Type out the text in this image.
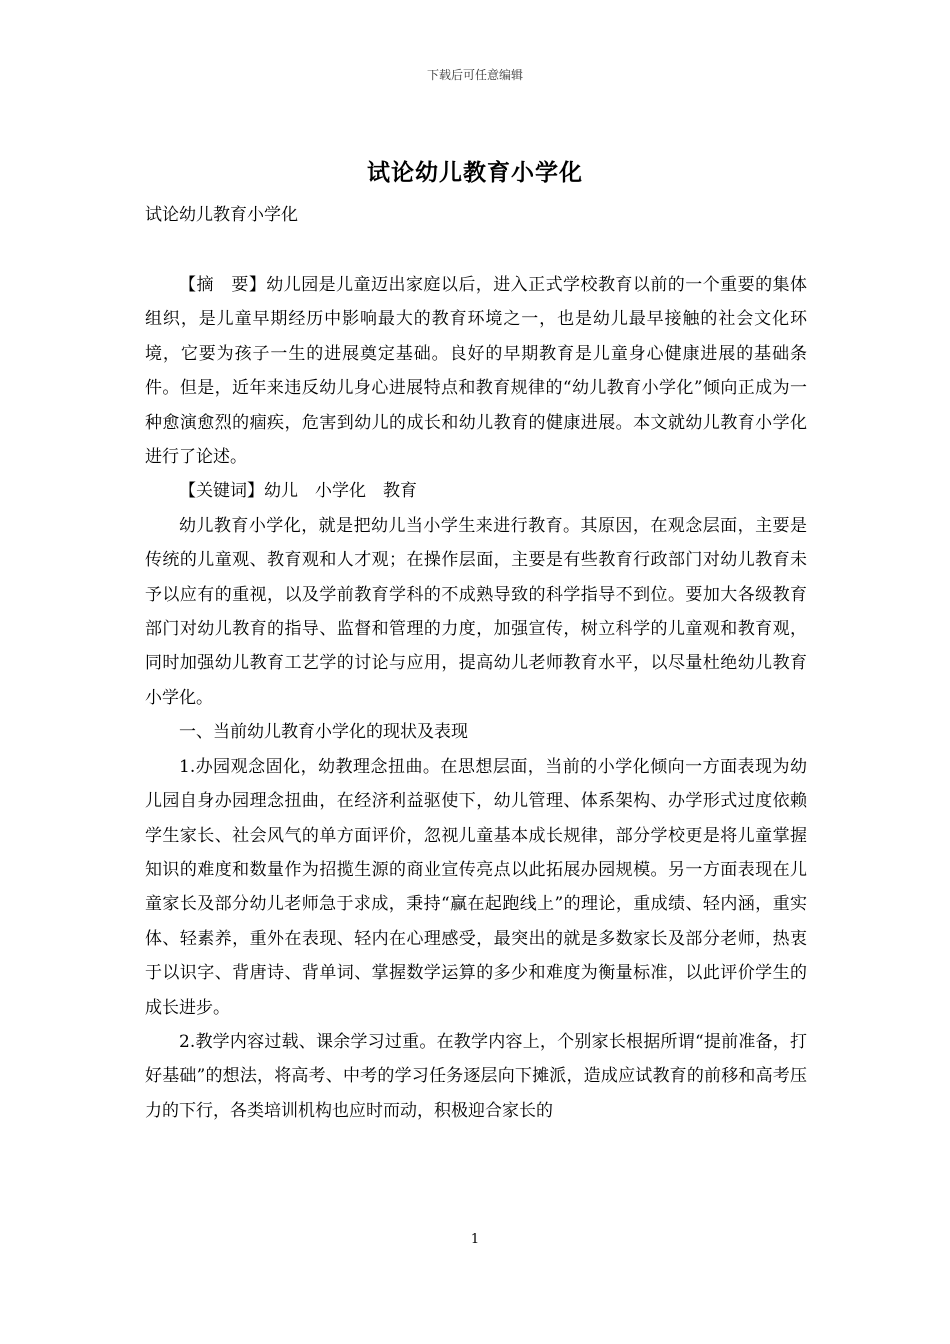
下载后可任意编辑
试论幼儿教育小学化
试论幼儿教育小学化

【摘　要】幼儿园是儿童迈出家庭以后，进入正式学校教育以前的一个重要的集体组织，是儿童早期经历中影响最大的教育环境之一，也是幼儿最早接触的社会文化环境，它要为孩子一生的进展奠定基础。良好的早期教育是儿童身心健康进展的基础条件。但是，近年来违反幼儿身心进展特点和教育规律的“幼儿教育小学化”倾向正成为一种愈演愈烈的痼疾，危害到幼儿的成长和幼儿教育的健康进展。本文就幼儿教育小学化进行了论述。

【关键词】幼儿　小学化　教育

幼儿教育小学化，就是把幼儿当小学生来进行教育。其原因，在观念层面，主要是传统的儿童观、教育观和人才观；在操作层面，主要是有些教育行政部门对幼儿教育未予以应有的重视，以及学前教育学科的不成熟导致的科学指导不到位。要加大各级教育部门对幼儿教育的指导、监督和管理的力度，加强宣传，树立科学的儿童观和教育观，同时加强幼儿教育工艺学的讨论与应用，提高幼儿老师教育水平，以尽量杜绝幼儿教育小学化。

一、当前幼儿教育小学化的现状及表现

1.办园观念固化，幼教理念扭曲。在思想层面，当前的小学化倾向一方面表现为幼儿园自身办园理念扭曲，在经济利益驱使下，幼儿管理、体系架构、办学形式过度依赖学生家长、社会风气的单方面评价，忽视儿童基本成长规律，部分学校更是将儿童掌握知识的难度和数量作为招揽生源的商业宣传亮点以此拓展办园规模。另一方面表现在儿童家长及部分幼儿老师急于求成，秉持“赢在起跑线上”的理论，重成绩、轻内涵，重实体、轻素养，重外在表现、轻内在心理感受，最突出的就是多数家长及部分老师，热衷于以识字、背唐诗、背单词、掌握数学运算的多少和难度为衡量标准，以此评价学生的成长进步。

2.教学内容过载、课余学习过重。在教学内容上，个别家长根据所谓“提前准备，打好基础”的想法，将高考、中考的学习任务逐层向下摊派，造成应试教育的前移和高考压力的下行，各类培训机构也应时而动，积极迎合家长的

1
